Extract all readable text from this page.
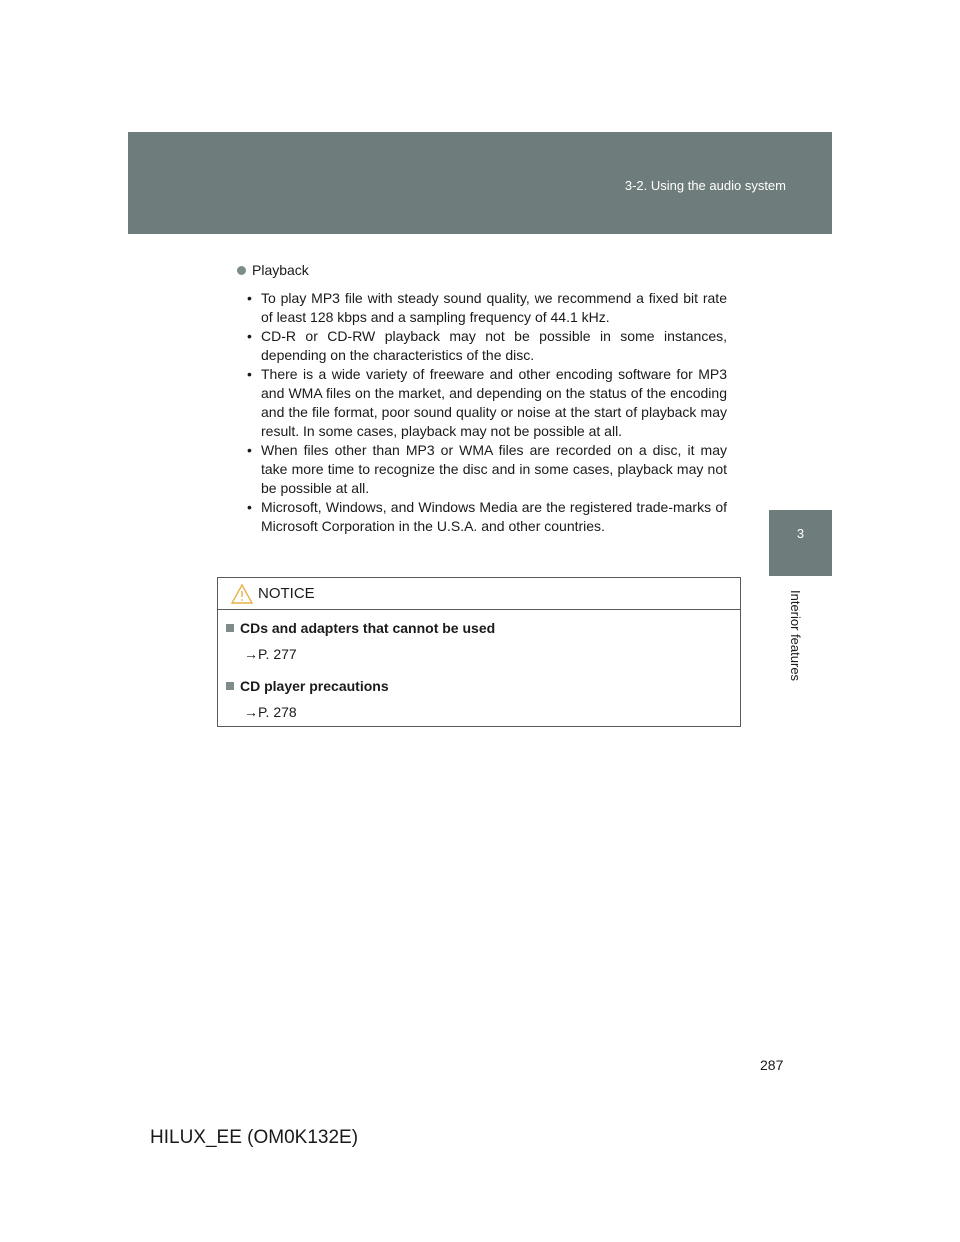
3-2. Using the audio system
3
Interior features
Playback
• To play MP3 file with steady sound quality, we recommend a fixed bit rate of least 128 kbps and a sampling frequency of 44.1 kHz.
• CD-R or CD-RW playback may not be possible in some instances, depending on the characteristics of the disc.
• There is a wide variety of freeware and other encoding software for MP3 and WMA files on the market, and depending on the status of the encoding and the file format, poor sound quality or noise at the start of playback may result. In some cases, playback may not be possible at all.
• When files other than MP3 or WMA files are recorded on a disc, it may take more time to recognize the disc and in some cases, playback may not be possible at all.
• Microsoft, Windows, and Windows Media are the registered trade-marks of Microsoft Corporation in the U.S.A. and other countries.
NOTICE
CDs and adapters that cannot be used
→P. 277
CD player precautions
→P. 278
287
HILUX_EE (OM0K132E)
